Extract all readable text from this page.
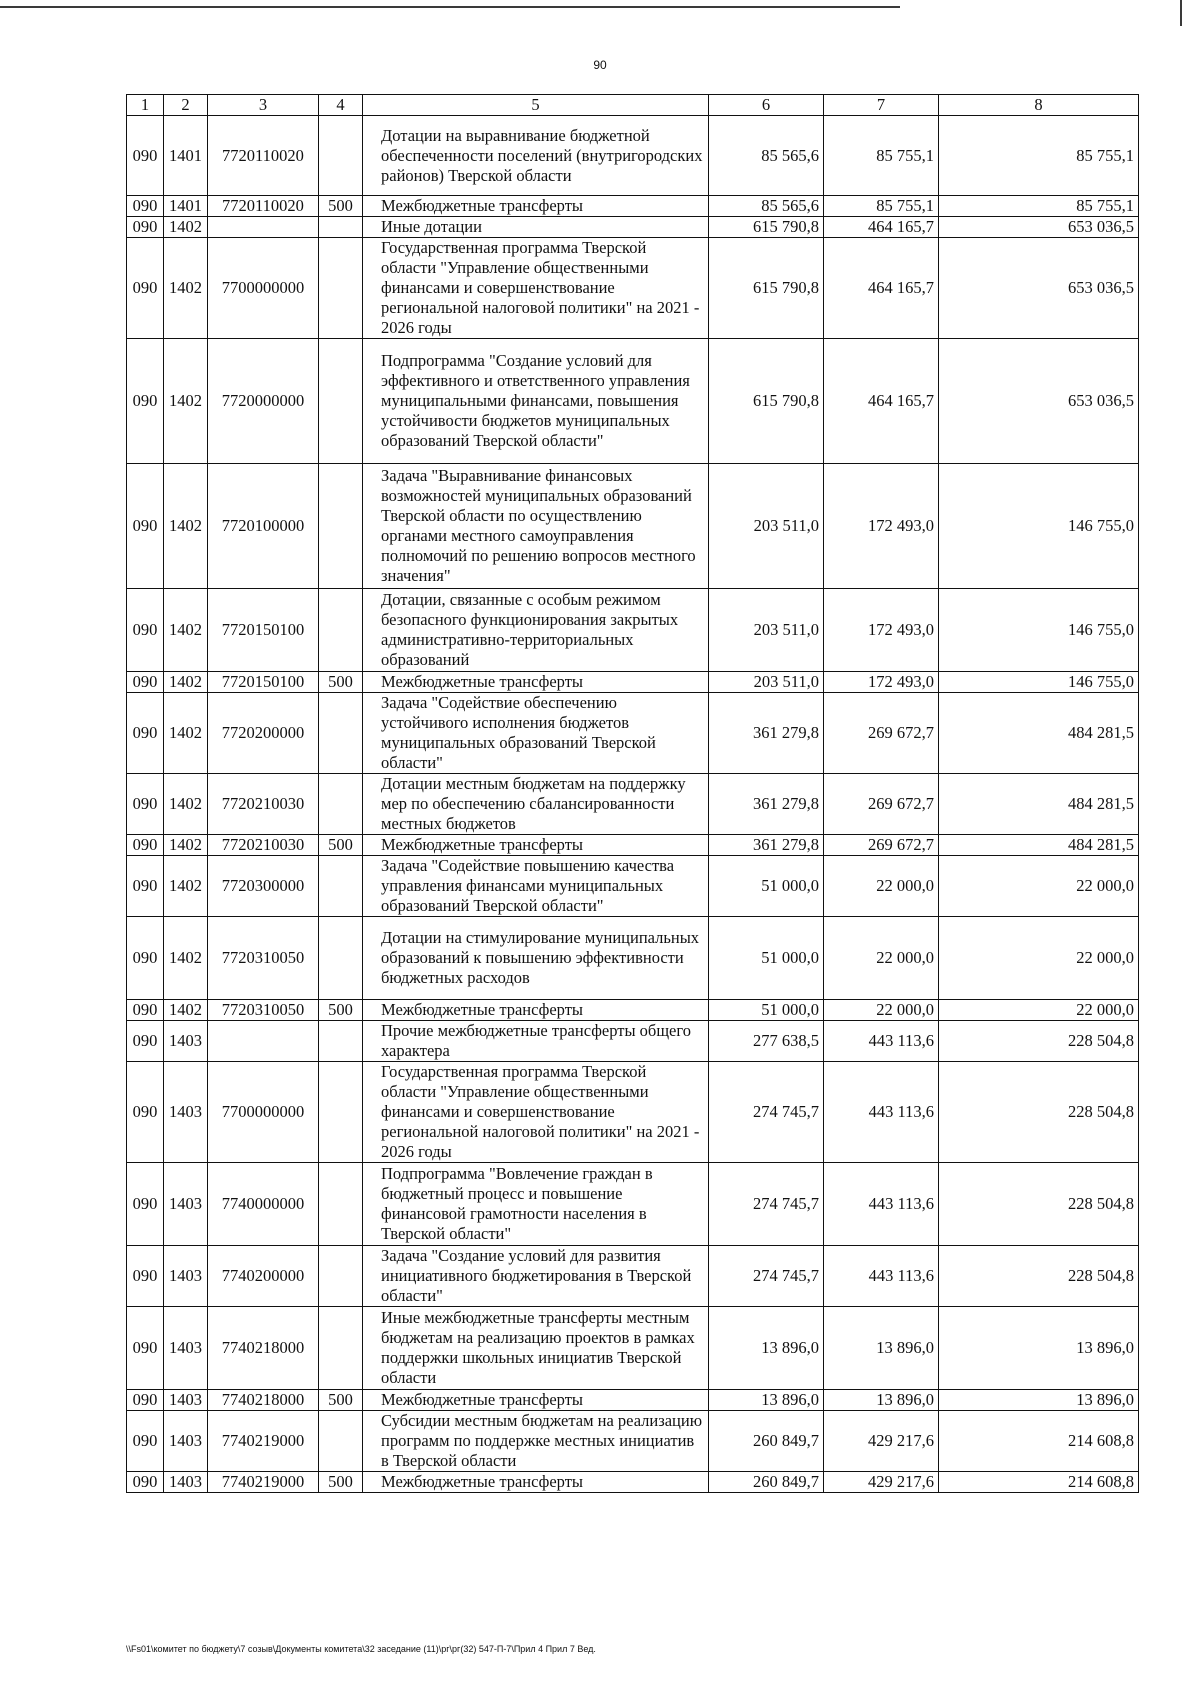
90
1	2	3	4	5	6	7	8
090	1401	7720110020		Дотации на выравнивание бюджетной обеспеченности поселений (внутригородских районов) Тверской области	85 565,6	85 755,1	85 755,1
090	1401	7720110020	500	Межбюджетные трансферты	85 565,6	85 755,1	85 755,1
090	1402			Иные дотации	615 790,8	464 165,7	653 036,5
090	1402	7700000000		Государственная программа Тверской области "Управление общественными финансами и совершенствование региональной налоговой политики" на 2021 - 2026 годы	615 790,8	464 165,7	653 036,5
090	1402	7720000000		Подпрограмма "Создание условий для эффективного и ответственного управления муниципальными финансами, повышения устойчивости бюджетов муниципальных образований Тверской области"	615 790,8	464 165,7	653 036,5
090	1402	7720100000		Задача "Выравнивание финансовых возможностей муниципальных образований Тверской области по осуществлению органами местного самоуправления полномочий по решению вопросов местного значения"	203 511,0	172 493,0	146 755,0
090	1402	7720150100		Дотации, связанные с особым режимом безопасного функционирования закрытых административно-территориальных образований	203 511,0	172 493,0	146 755,0
090	1402	7720150100	500	Межбюджетные трансферты	203 511,0	172 493,0	146 755,0
090	1402	7720200000		Задача "Содействие обеспечению устойчивого исполнения бюджетов муниципальных образований Тверской области"	361 279,8	269 672,7	484 281,5
090	1402	7720210030		Дотации местным бюджетам на поддержку мер по обеспечению сбалансированности местных бюджетов	361 279,8	269 672,7	484 281,5
090	1402	7720210030	500	Межбюджетные трансферты	361 279,8	269 672,7	484 281,5
090	1402	7720300000		Задача "Содействие повышению качества управления финансами муниципальных образований Тверской области"	51 000,0	22 000,0	22 000,0
090	1402	7720310050		Дотации на стимулирование муниципальных образований к повышению эффективности бюджетных расходов	51 000,0	22 000,0	22 000,0
090	1402	7720310050	500	Межбюджетные трансферты	51 000,0	22 000,0	22 000,0
090	1403			Прочие межбюджетные трансферты общего характера	277 638,5	443 113,6	228 504,8
090	1403	7700000000		Государственная программа Тверской области "Управление общественными финансами и совершенствование региональной налоговой политики" на 2021 - 2026 годы	274 745,7	443 113,6	228 504,8
090	1403	7740000000		Подпрограмма "Вовлечение граждан в бюджетный процесс и повышение финансовой грамотности населения в Тверской области"	274 745,7	443 113,6	228 504,8
090	1403	7740200000		Задача "Создание условий для развития инициативного бюджетирования в Тверской области"	274 745,7	443 113,6	228 504,8
090	1403	7740218000		Иные межбюджетные трансферты местным бюджетам на реализацию проектов в рамках поддержки школьных инициатив Тверской области	13 896,0	13 896,0	13 896,0
090	1403	7740218000	500	Межбюджетные трансферты	13 896,0	13 896,0	13 896,0
090	1403	7740219000		Субсидии местным бюджетам на реализацию программ по поддержке местных инициатив в Тверской области	260 849,7	429 217,6	214 608,8
090	1403	7740219000	500	Межбюджетные трансферты	260 849,7	429 217,6	214 608,8
\\Fs01\комитет по бюджету\7 созыв\Документы комитета\32 заседание (11)\рг\рг(32) 547-П-7\Прил 4 Прил 7 Вед.
